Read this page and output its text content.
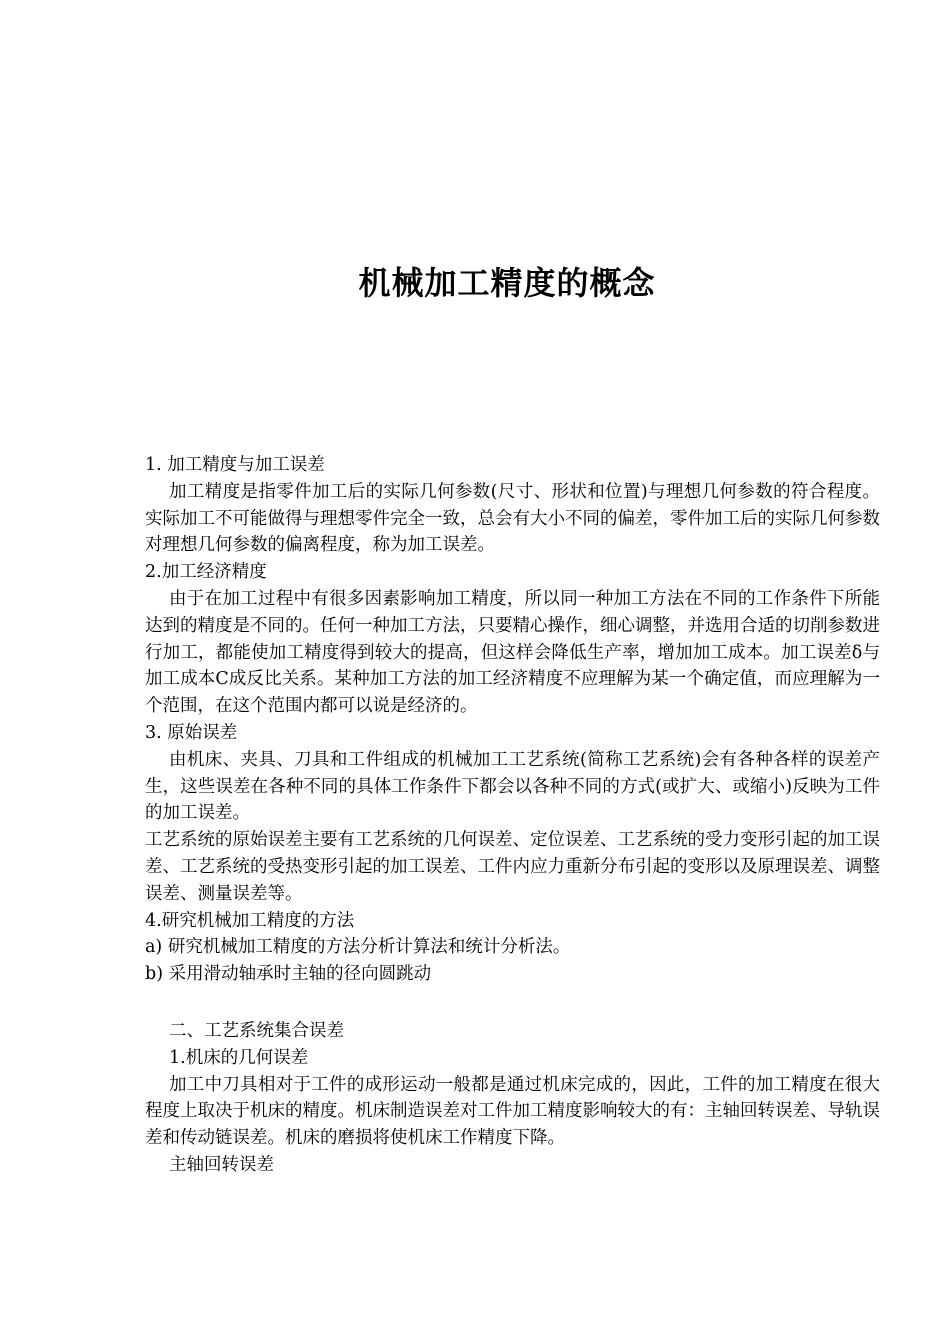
机械加工精度的概念

1. 加工精度与加工误差

加工精度是指零件加工后的实际几何参数(尺寸、形状和位置)与理想几何参数的符合程度。实际加工不可能做得与理想零件完全一致，总会有大小不同的偏差，零件加工后的实际几何参数对理想几何参数的偏离程度，称为加工误差。

2.加工经济精度

由于在加工过程中有很多因素影响加工精度，所以同一种加工方法在不同的工作条件下所能达到的精度是不同的。任何一种加工方法，只要精心操作，细心调整，并选用合适的切削参数进行加工，都能使加工精度得到较大的提高，但这样会降低生产率，增加加工成本。加工误差δ与加工成本C成反比关系。某种加工方法的加工经济精度不应理解为某一个确定值，而应理解为一个范围，在这个范围内都可以说是经济的。

3. 原始误差

由机床、夹具、刀具和工件组成的机械加工工艺系统(简称工艺系统)会有各种各样的误差产生，这些误差在各种不同的具体工作条件下都会以各种不同的方式(或扩大、或缩小)反映为工件的加工误差。

工艺系统的原始误差主要有工艺系统的几何误差、定位误差、工艺系统的受力变形引起的加工误差、工艺系统的受热变形引起的加工误差、工件内应力重新分布引起的变形以及原理误差、调整误差、测量误差等。

4.研究机械加工精度的方法

a) 研究机械加工精度的方法分析计算法和统计分析法。

b) 采用滑动轴承时主轴的径向圆跳动

二、工艺系统集合误差

1.机床的几何误差

加工中刀具相对于工件的成形运动一般都是通过机床完成的，因此，工件的加工精度在很大程度上取决于机床的精度。机床制造误差对工件加工精度影响较大的有：主轴回转误差、导轨误差和传动链误差。机床的磨损将使机床工作精度下降。

主轴回转误差
